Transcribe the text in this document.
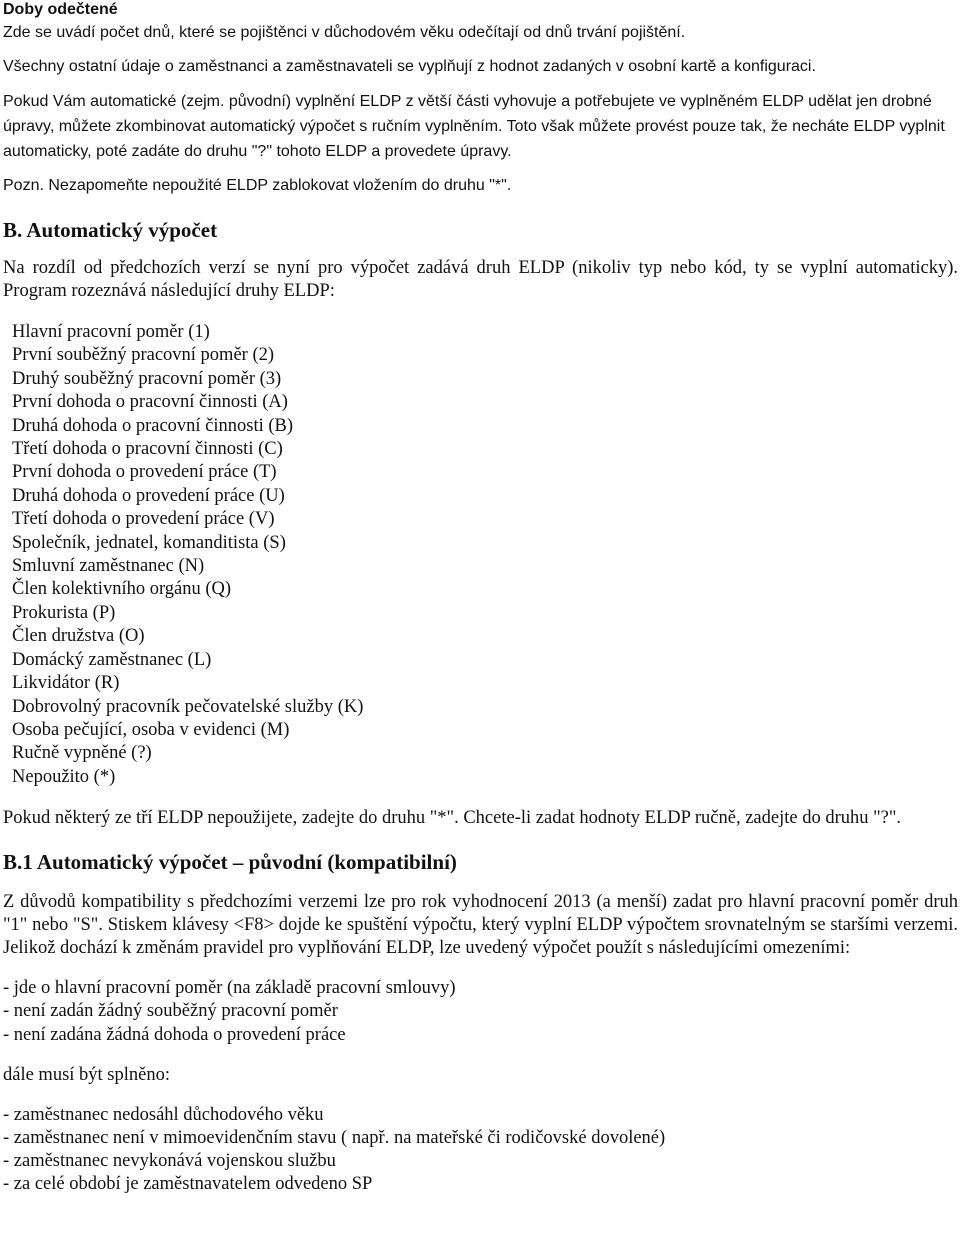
Doby odečtené

Zde se uvádí počet dnů, které se pojištěnci v důchodovém věku odečítají od dnů trvání pojištění.

Všechny ostatní údaje o zaměstnanci a zaměstnavateli se vyplňují z hodnot zadaných v osobní kartě a konfiguraci.

Pokud Vám automatické (zejm. původní) vyplnění ELDP z větší části vyhovuje a potřebujete ve vyplněném ELDP udělat jen drobné úpravy, můžete zkombinovat automatický výpočet s ručním vyplněním. Toto však můžete provést pouze tak, že necháte ELDP vyplnit automaticky, poté zadáte do druhu "?" tohoto ELDP a provedete úpravy.

Pozn. Nezapomeňte nepoužité ELDP zablokovat vložením do druhu "*".

B. Automatický výpočet

Na rozdíl od předchozích verzí se nyní pro výpočet zadává druh ELDP (nikoliv typ nebo kód, ty se vyplní automaticky). Program rozeznává následující druhy ELDP:

Hlavní pracovní poměr (1)
První souběžný pracovní poměr (2)
Druhý souběžný pracovní poměr (3)
První dohoda o pracovní činnosti (A)
Druhá dohoda o pracovní činnosti (B)
Třetí dohoda o pracovní činnosti (C)
První dohoda o provedení práce (T)
Druhá dohoda o provedení práce (U)
Třetí dohoda o provedení práce (V)
Společník, jednatel, komanditista (S)
Smluvní zaměstnanec (N)
Člen kolektivního orgánu (Q)
Prokurista (P)
Člen družstva (O)
Domácký zaměstnanec (L)
Likvidátor (R)
Dobrovolný pracovník pečovatelské služby (K)
Osoba pečující, osoba v evidenci (M)
Ručně vypněné (?)
Nepoužito (*)

Pokud některý ze tří ELDP nepoužijete, zadejte do druhu "*". Chcete-li zadat hodnoty ELDP ručně, zadejte do druhu "?".

B.1 Automatický výpočet – původní (kompatibilní)

Z důvodů kompatibility s předchozími verzemi lze pro rok vyhodnocení 2013 (a menší) zadat pro hlavní pracovní poměr druh "1" nebo "S". Stiskem klávesy <F8> dojde ke spuštění výpočtu, který vyplní ELDP výpočtem srovnatelným se staršími verzemi. Jelikož dochází k změnám pravidel pro vyplňování ELDP, lze uvedený výpočet použít s následujícími omezeními:

- jde o hlavní pracovní poměr (na základě pracovní smlouvy)
- není zadán žádný souběžný pracovní poměr
- není zadána žádná dohoda o provedení práce

dále musí být splněno:

- zaměstnanec nedosáhl důchodového věku
- zaměstnanec není v mimoevidenčním stavu ( např. na mateřské či rodičovské dovolené)
- zaměstnanec nevykonává vojenskou službu
- za celé období je zaměstnavatelem odvedeno SP
